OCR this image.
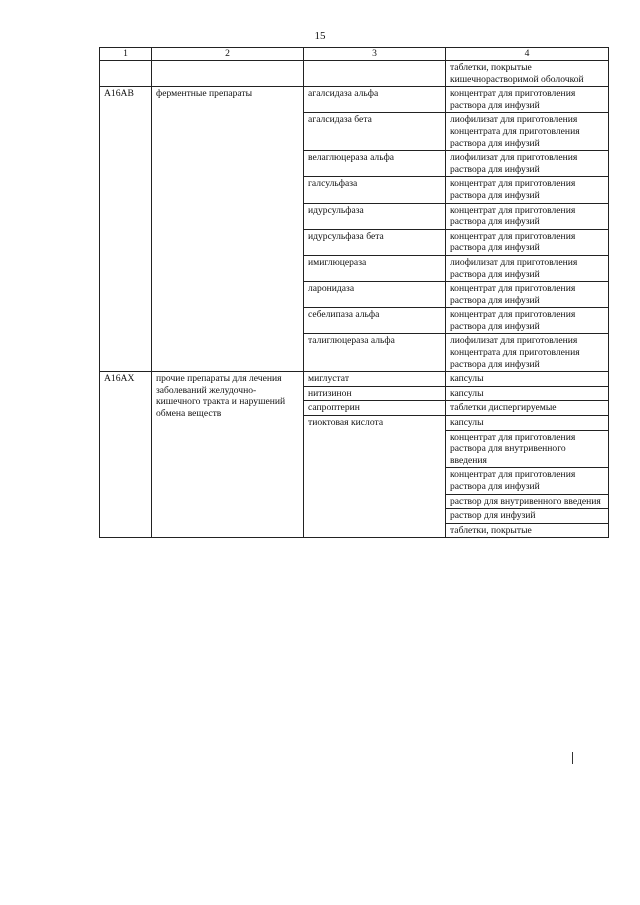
15
1	2	3	4
			таблетки, покрытые кишечнорастворимой оболочкой
A16AB	ферментные препараты	агалсидаза альфа	концентрат для приготовления раствора для инфузий
		агалсидаза бета	лиофилизат для приготовления концентрата для приготовления раствора для инфузий
		велаглюцераза альфа	лиофилизат для приготовления раствора для инфузий
		галсульфаза	концентрат для приготовления раствора для инфузий
		идурсульфаза	концентрат для приготовления раствора для инфузий
		идурсульфаза бета	концентрат для приготовления раствора для инфузий
		имиглюцераза	лиофилизат для приготовления раствора для инфузий
		ларонидаза	концентрат для приготовления раствора для инфузий
		себелипаза альфа	концентрат для приготовления раствора для инфузий
		талиглюцераза альфа	лиофилизат для приготовления концентрата для приготовления раствора для инфузий
A16AX	прочие препараты для лечения заболеваний желудочно-кишечного тракта и нарушений обмена веществ	миглустат	капсулы
		нитизинон	капсулы
		сапроптерин	таблетки диспергируемые
		тиоктовая кислота	капсулы
			концентрат для приготовления раствора для внутривенного введения
			концентрат для приготовления раствора для инфузий
			раствор для внутривенного введения
			раствор для инфузий
			таблетки, покрытые
